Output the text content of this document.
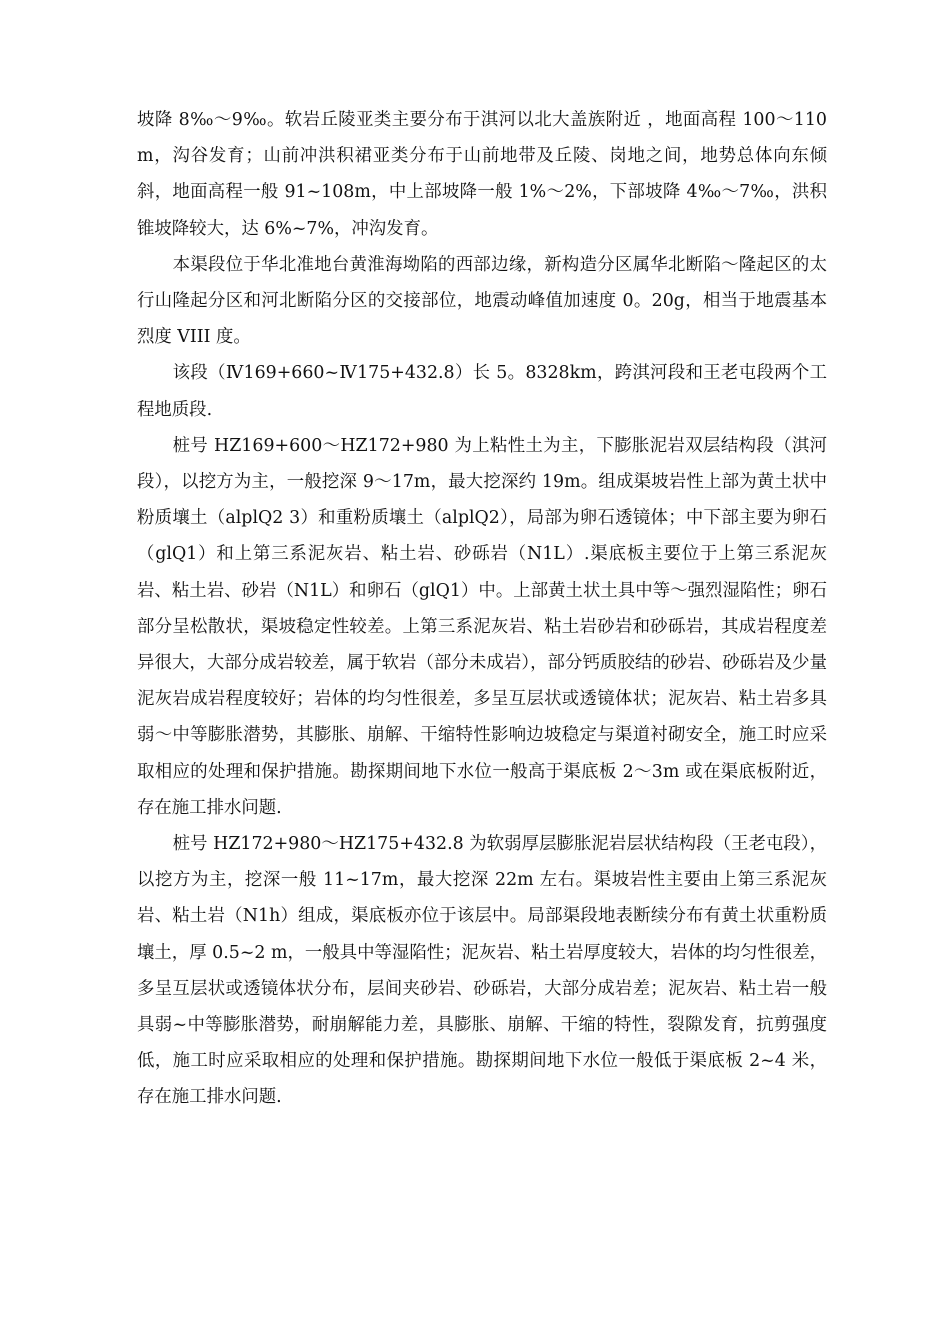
坡降 8‰～9‰。软岩丘陵亚类主要分布于淇河以北大盖族附近 ，地面高程 100～110m，沟谷发育；山前冲洪积裙亚类分布于山前地带及丘陵、岗地之间，地势总体向东倾斜，地面高程一般 91~108m，中上部坡降一般 1%～2%，下部坡降 4‰～7‰，洪积锥坡降较大，达 6%~7%，冲沟发育。

本渠段位于华北准地台黄淮海坳陷的西部边缘，新构造分区属华北断陷～隆起区的太行山隆起分区和河北断陷分区的交接部位，地震动峰值加速度 0。20g，相当于地震基本烈度 VIII 度。

该段（Ⅳ169+660~Ⅳ175+432.8）长 5。8328km，跨淇河段和王老屯段两个工程地质段.

桩号 HZ169+600～HZ172+980 为上粘性土为主，下膨胀泥岩双层结构段（淇河段），以挖方为主，一般挖深 9～17m，最大挖深约 19m。组成渠坡岩性上部为黄土状中粉质壤土（alplQ2 3）和重粉质壤土（alplQ2），局部为卵石透镜体；中下部主要为卵石（glQ1）和上第三系泥灰岩、粘土岩、砂砾岩（N1L）.渠底板主要位于上第三系泥灰岩、粘土岩、砂岩（N1L）和卵石（glQ1）中。上部黄土状土具中等～强烈湿陷性；卵石部分呈松散状，渠坡稳定性较差。上第三系泥灰岩、粘土岩砂岩和砂砾岩，其成岩程度差异很大，大部分成岩较差，属于软岩（部分未成岩），部分钙质胶结的砂岩、砂砾岩及少量泥灰岩成岩程度较好；岩体的均匀性很差，多呈互层状或透镜体状；泥灰岩、粘土岩多具弱～中等膨胀潜势，其膨胀、崩解、干缩特性影响边坡稳定与渠道衬砌安全，施工时应采取相应的处理和保护措施。勘探期间地下水位一般高于渠底板 2～3m 或在渠底板附近，存在施工排水问题.

桩号 HZ172+980～HZ175+432.8 为软弱厚层膨胀泥岩层状结构段（王老屯段），以挖方为主，挖深一般 11~17m，最大挖深 22m 左右。渠坡岩性主要由上第三系泥灰岩、粘土岩（N1h）组成，渠底板亦位于该层中。局部渠段地表断续分布有黄土状重粉质壤土，厚 0.5~2 m，一般具中等湿陷性；泥灰岩、粘土岩厚度较大，岩体的均匀性很差，多呈互层状或透镜体状分布，层间夹砂岩、砂砾岩，大部分成岩差；泥灰岩、粘土岩一般具弱~中等膨胀潜势，耐崩解能力差，具膨胀、崩解、干缩的特性，裂隙发育，抗剪强度低，施工时应采取相应的处理和保护措施。勘探期间地下水位一般低于渠底板 2~4 米，存在施工排水问题.
